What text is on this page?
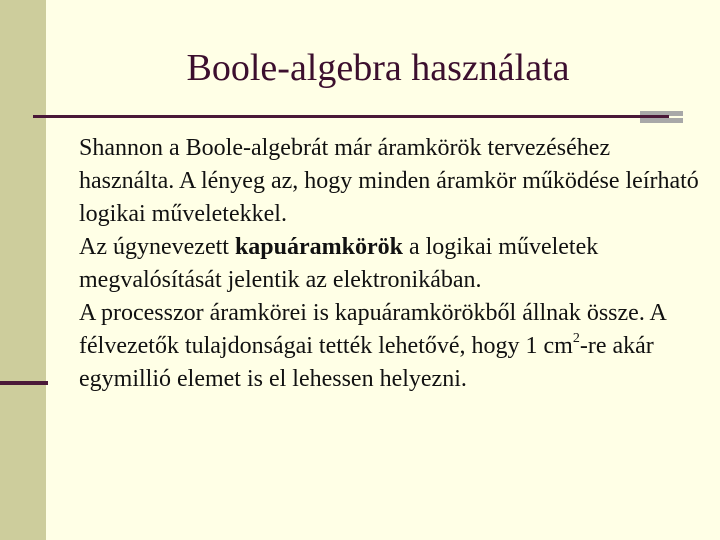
Boole-algebra használata

Shannon a Boole-algebrát már áramkörök tervezéséhez használta. A lényeg az, hogy minden áramkör működése leírható logikai műveletekkel.

Az úgynevezett kapuáramkörök a logikai műveletek megvalósítását jelentik az elektronikában.

A processzor áramkörei is kapuáramkörökből állnak össze. A félvezetők tulajdonságai tették lehetővé, hogy 1 $cm^2-re$ akár egymillió elemet is el lehessen helyezni.
